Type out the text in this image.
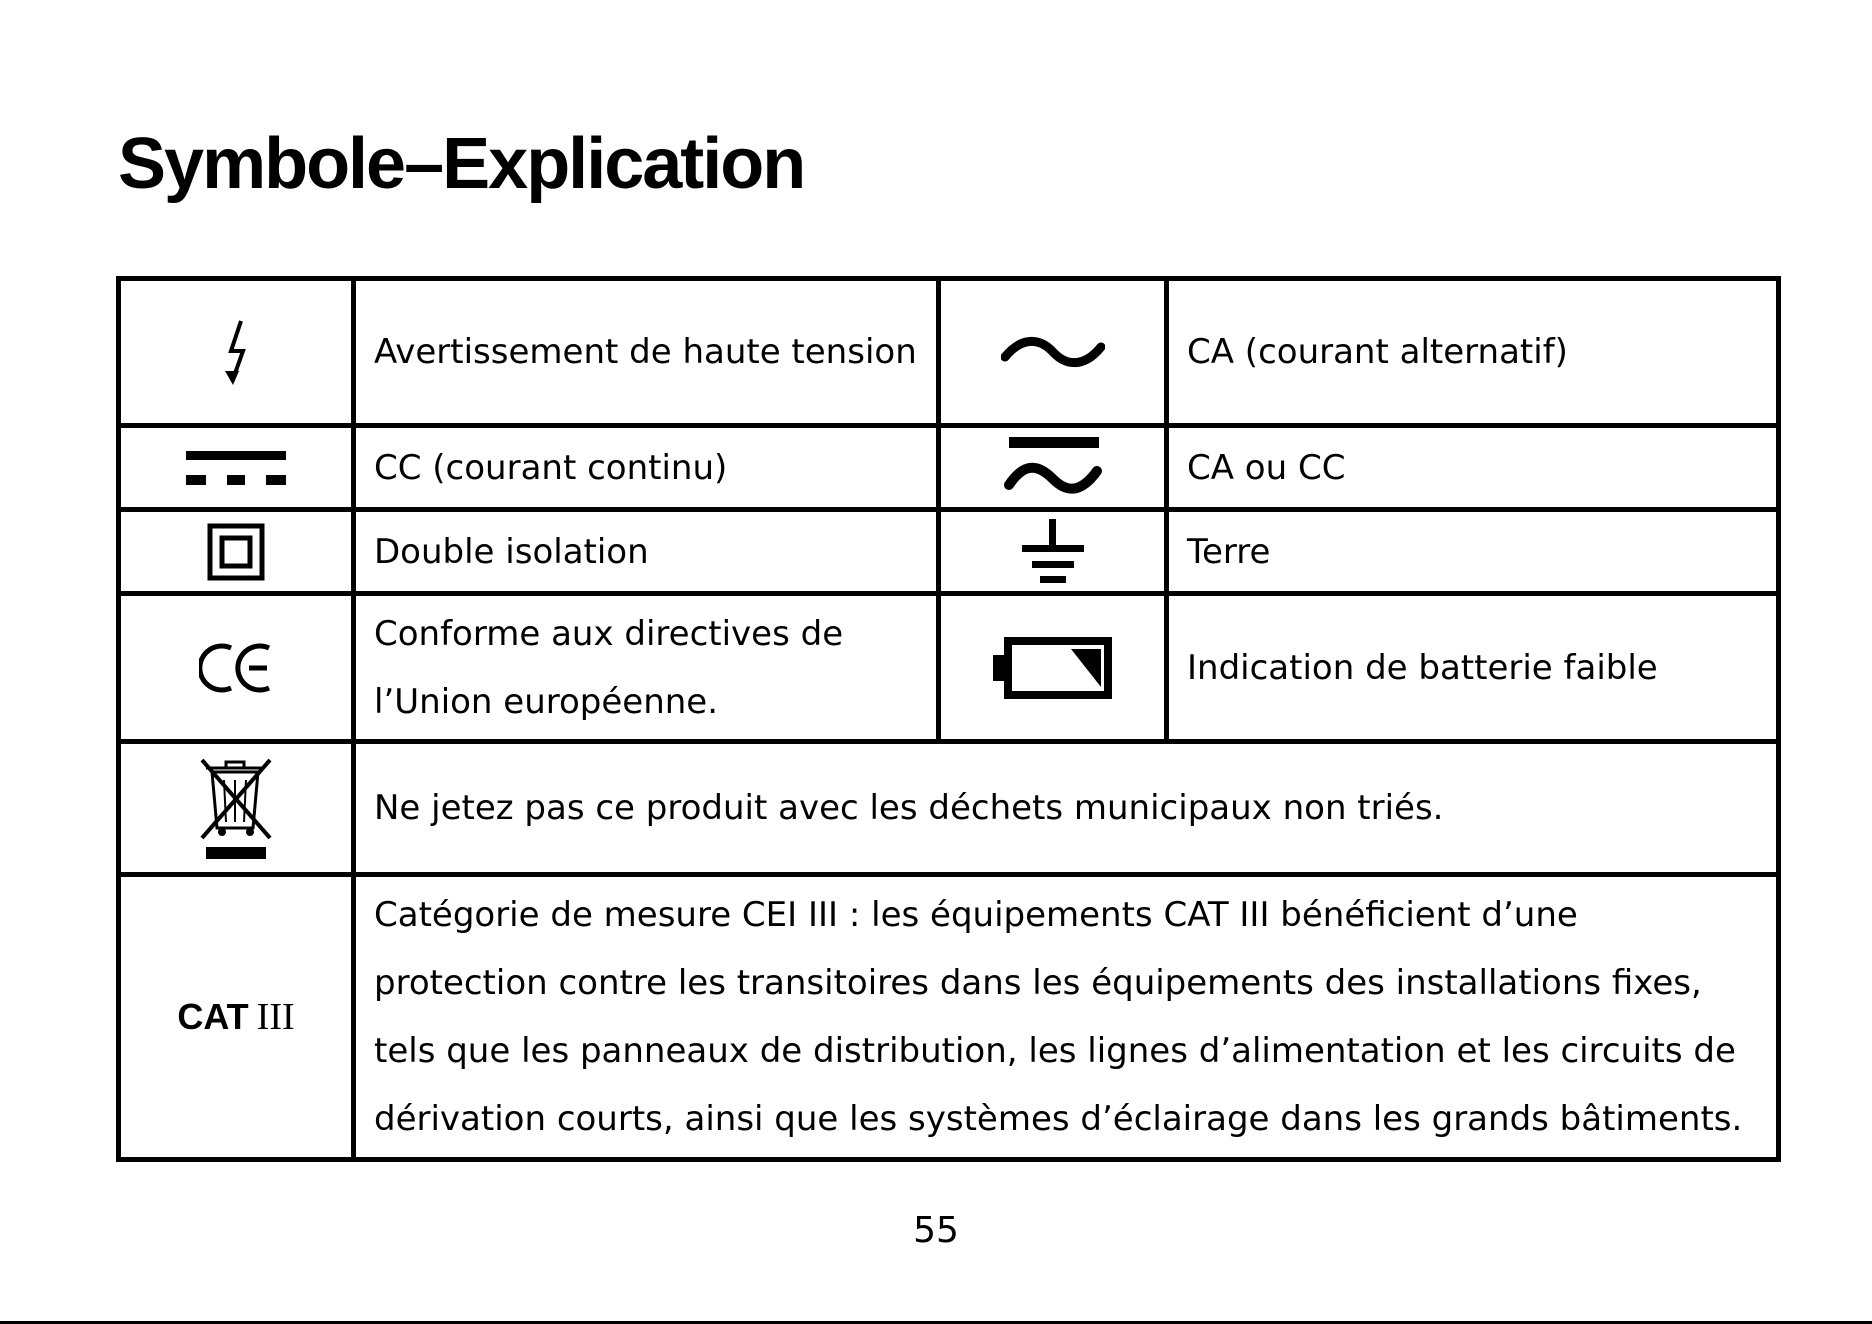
Symbole–Explication
	Avertissement de haute tension		CA (courant alternatif)

	CC (courant continu)		CA ou CC

	Double isolation		Terre

Conforme aux directives de
l’Union européenne.		Indication de batterie faible

	Ne jetez pas ce produit avec les déchets municipaux non triés.		
CAT III	Catégorie de mesure CEI III : les équipements CAT III bénéficient d’une
protection contre les transitoires dans les équipements des installations fixes,
tels que les panneaux de distribution, les lignes d’alimentation et les circuits de
dérivation courts, ainsi que les systèmes d’éclairage dans les grands bâtiments.		
55
